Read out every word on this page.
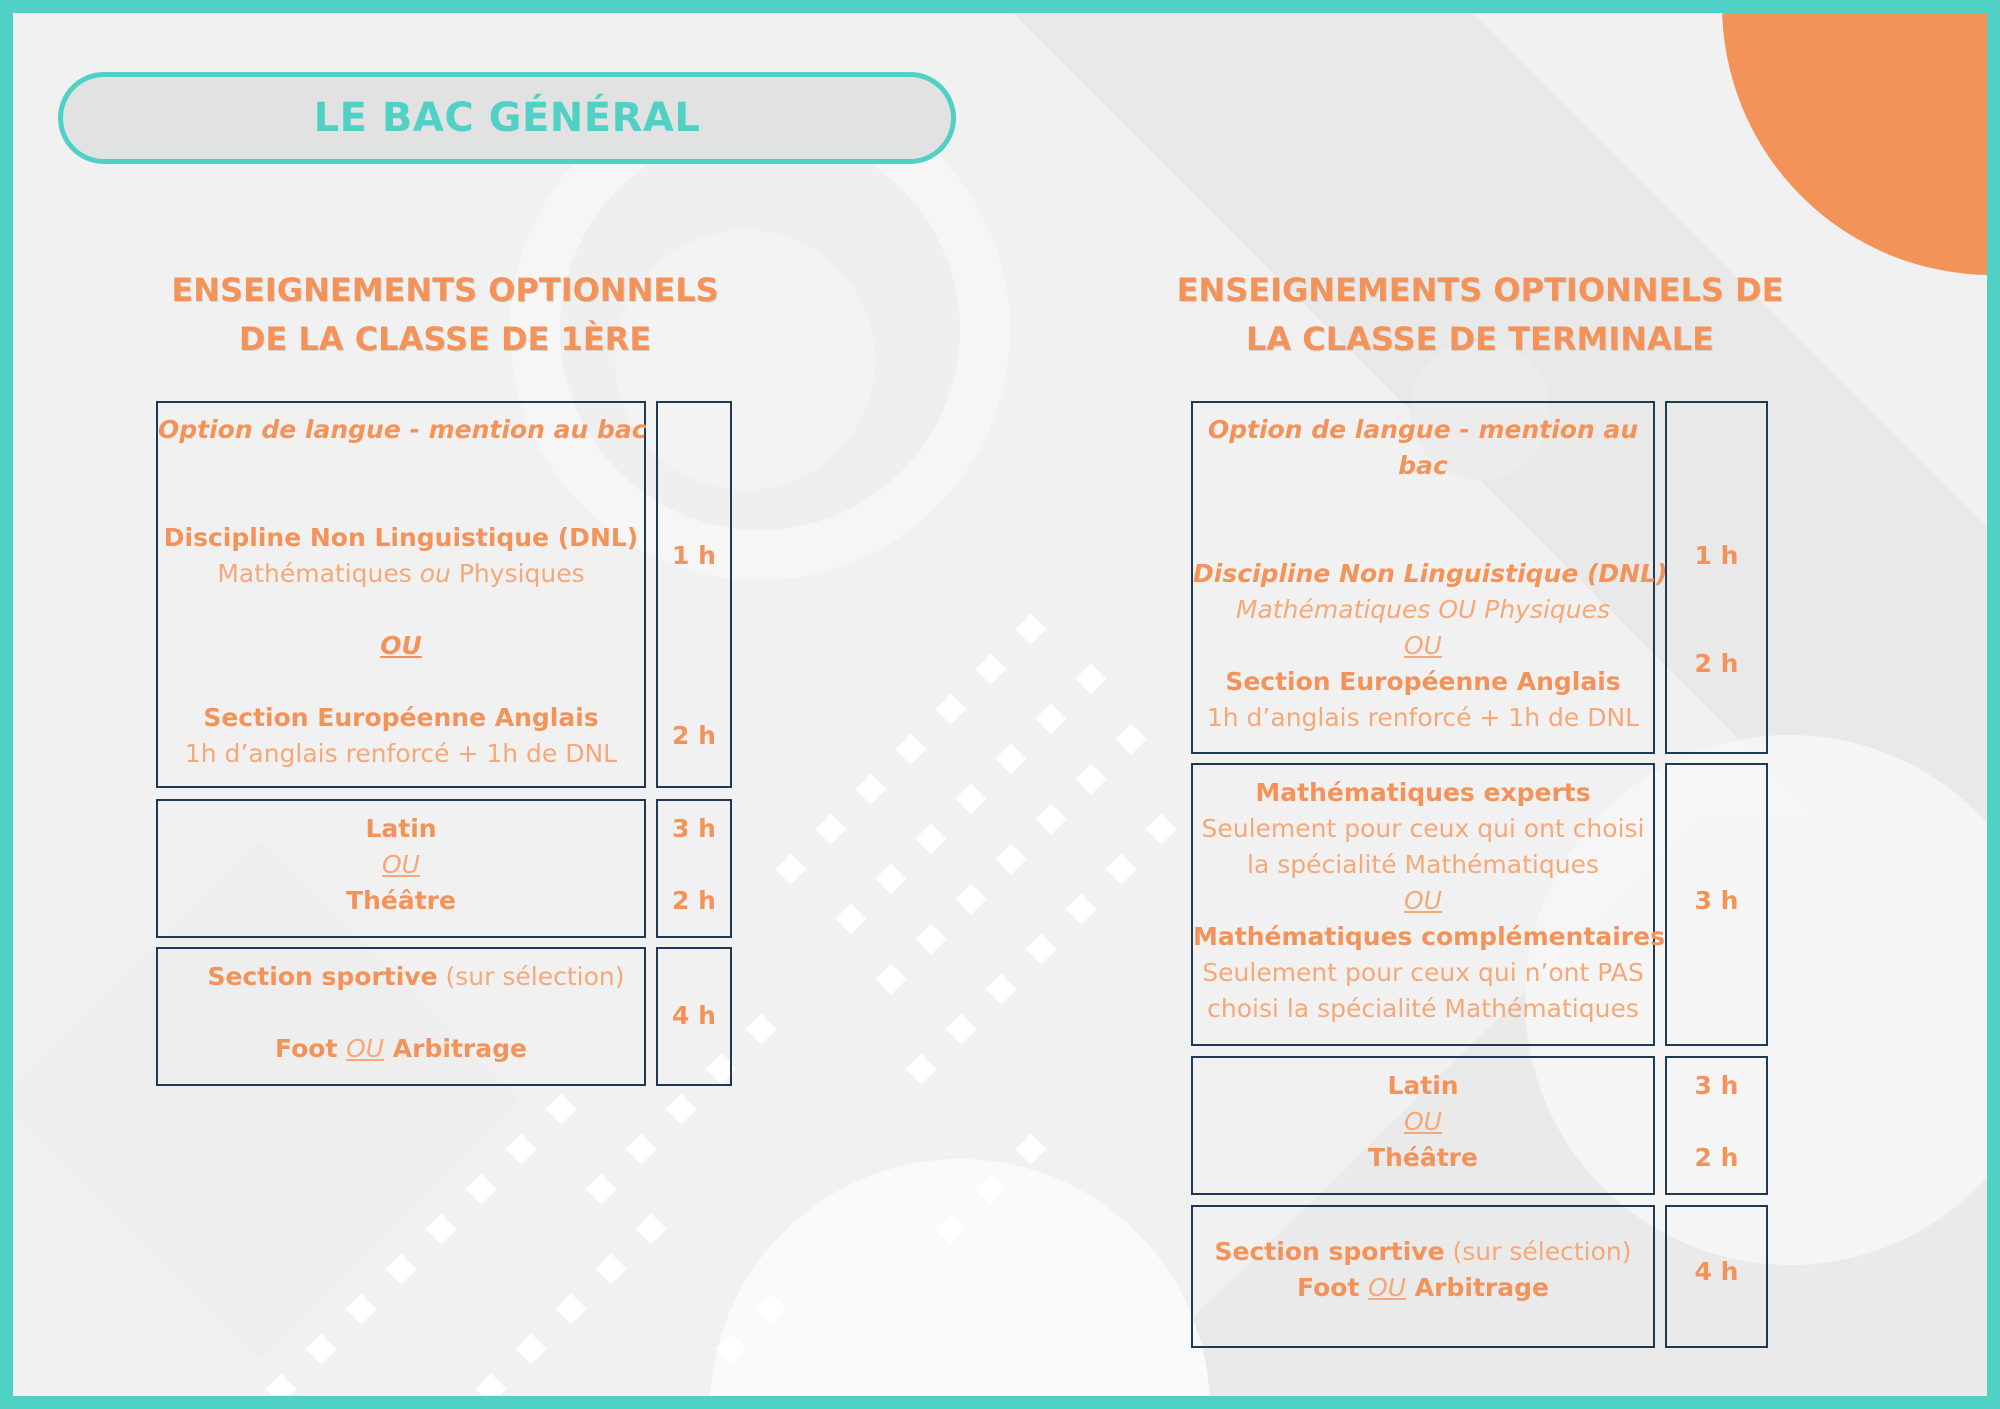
LE BAC GÉNÉRAL
ENSEIGNEMENTS OPTIONNELS
DE LA CLASSE DE 1ÈRE
Option de langue - mention au bac
Discipline Non Linguistique (DNL)
Mathématiques ou Physiques
OU
Section Européenne Anglais
1h d’anglais renforcé + 1h de DNL
1 h
2 h
Latin
OU
Théâtre
3 h
2 h
Section sportive (sur sélection)
Foot OU Arbitrage
4 h
ENSEIGNEMENTS OPTIONNELS DE
LA CLASSE DE TERMINALE
Option de langue - mention au
bac
Discipline Non Linguistique (DNL)
Mathématiques OU Physiques
OU
Section Européenne Anglais
1h d’anglais renforcé + 1h de DNL
1 h
2 h
Mathématiques experts
Seulement pour ceux qui ont choisi
la spécialité Mathématiques
OU
Mathématiques complémentaires
Seulement pour ceux qui n’ont PAS
choisi la spécialité Mathématiques
3 h
Latin
OU
Théâtre
3 h
2 h
Section sportive (sur sélection)
Foot OU Arbitrage
4 h
